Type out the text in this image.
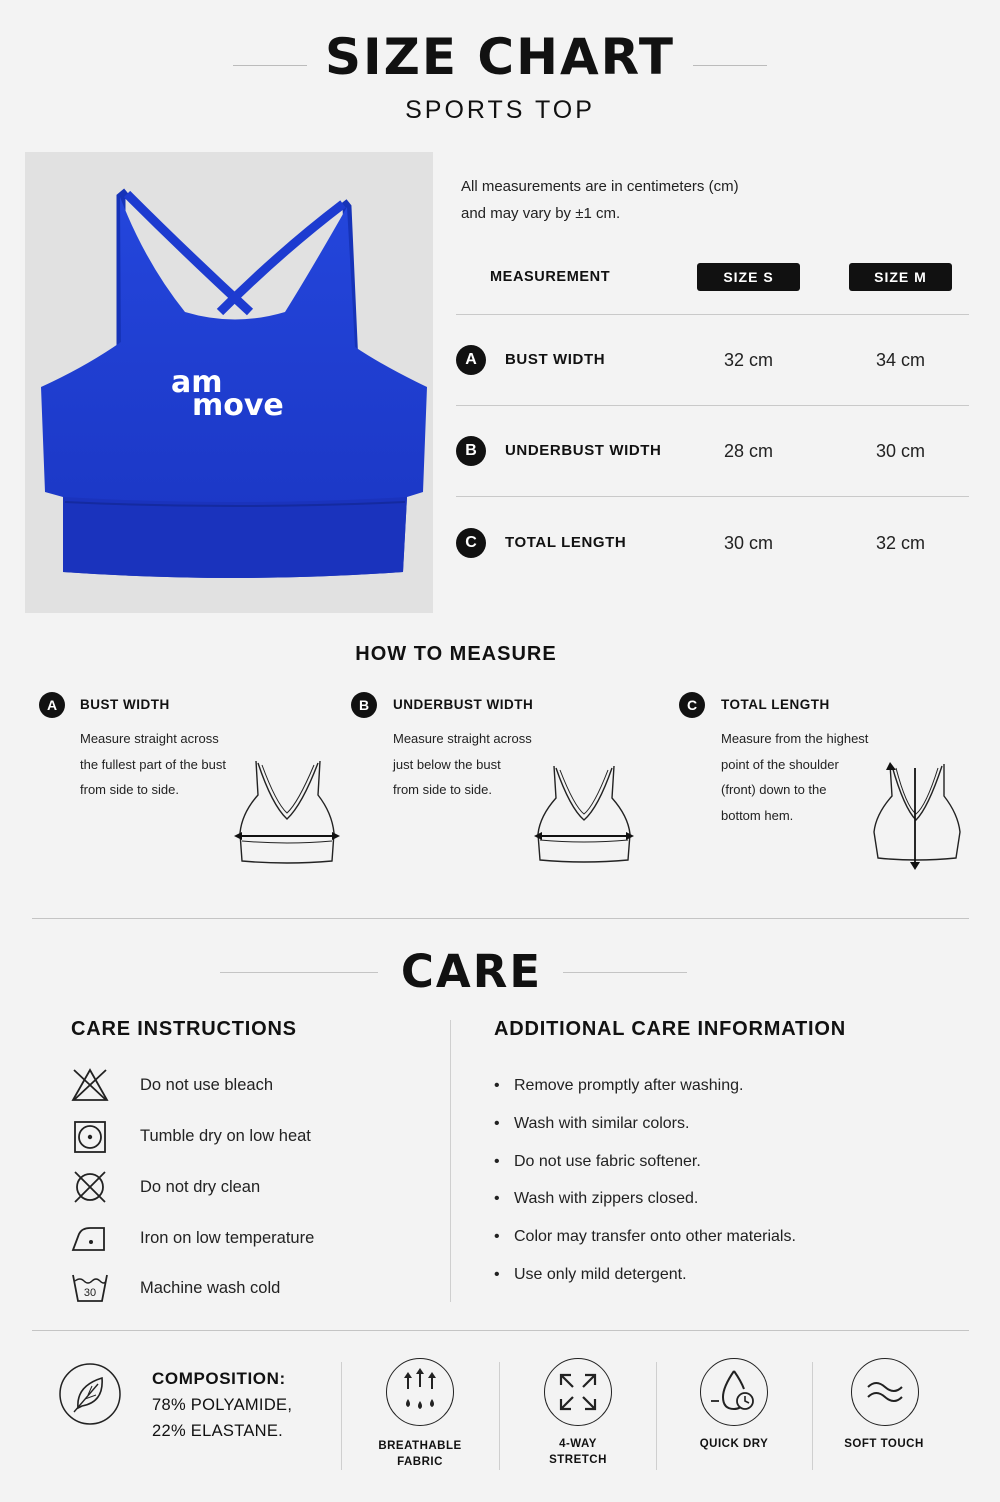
SIZE CHART
SPORTS TOP
am
move
All measurements are in centimeters (cm)
and may vary by ±1 cm.
MEASUREMENT	SIZE S	SIZE M
A	BUST WIDTH	32 cm	34 cm
B	UNDERBUST WIDTH	28 cm	30 cm
C	TOTAL LENGTH	30 cm	32 cm
HOW TO MEASURE
A	BUST WIDTH
Measure straight across
the fullest part of the bust
from side to side.
B	UNDERBUST WIDTH
Measure straight across
just below the bust
from side to side.
C	TOTAL LENGTH
Measure from the highest
point of the shoulder
(front) down to the
bottom hem.
CARE
CARE INSTRUCTIONS
Do not use bleach
Tumble dry on low heat
Do not dry clean
Iron on low temperature
30	Machine wash cold
ADDITIONAL CARE INFORMATION
• Remove promptly after washing.
• Wash with similar colors.
• Do not use fabric softener.
• Wash with zippers closed.
• Color may transfer onto other materials.
• Use only mild detergent.
COMPOSITION:
78% POLYAMIDE,
22% ELASTANE.
BREATHABLE
FABRIC
4-WAY
STRETCH
QUICK DRY	SOFT TOUCH
